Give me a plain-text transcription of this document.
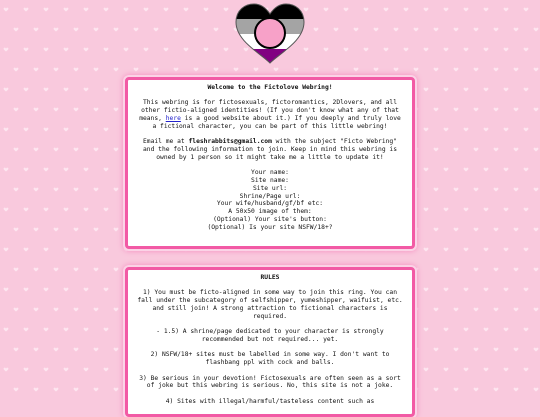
Welcome to the Fictolove Webring!

This webring is for fictosexuals, fictoromantics, 2Dlovers, and all other fictio-aligned identities! (If you don't know what any of that means, here is a good website about it.) If you deeply and truly love a fictional character, you can be part of this little webring!

Email me at fleshrabbits@gmail.com with the subject "Ficto Webring" and the following information to join. Keep in mind this webring is owned by 1 person so it might take me a little to update it!

Your name:
Site name:
Site url:
Shrine/Page url:
Your wife/husband/gf/bf etc:
A 50x50 image of them:
(Optional) Your site's button:
(Optional) Is your site NSFW/18+?

RULES

1) You must be ficto-aligned in some way to join this ring. You can fall under the subcategory of selfshipper, yumeshipper, waifuist, etc. and still join! A strong attraction to fictional characters is required.

- 1.5) A shrine/page dedicated to your character is strongly recommended but not required... yet.

2) NSFW/18+ sites must be labelled in some way. I don't want to flashbang ppl with cock and balls.

3) Be serious in your devotion! Fictosexuals are often seen as a sort of joke but this webring is serious. No, this site is not a joke.

4) Sites with illegal/harmful/tasteless content such as
